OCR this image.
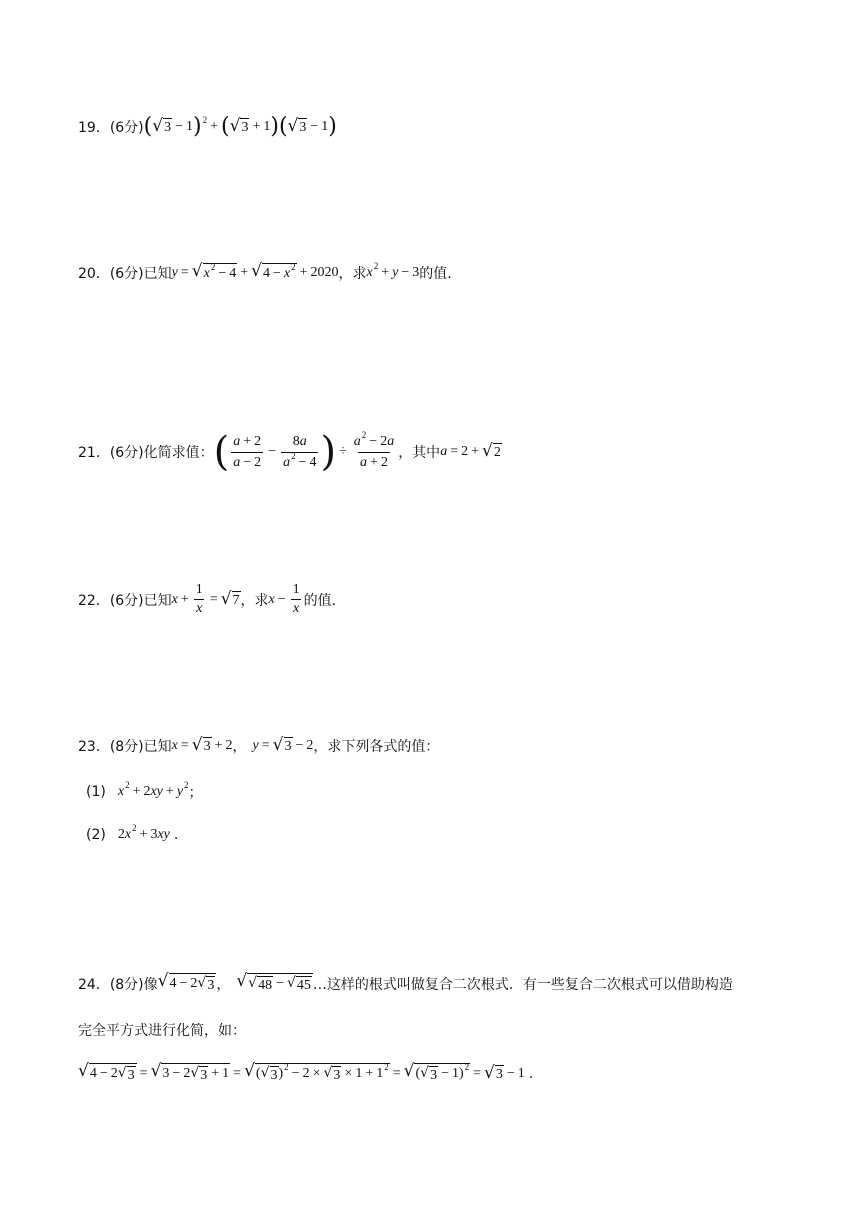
19．(6分) ( √ 3 − 1 ) 2 + ( √ 3 + 1 ) ( √ 3 − 1 )
20．(6分)已知 y = √ $x^2 - 4$ + √ $4 - x^2 + 2020$ ，求 x 2 + y − 3 的值.
21．(6分)化简求值： ( $\frac{a + 2}{a - 2} - \frac{8a}{a^2 - 4}$ ) ÷ $\frac{a^2 - 2a}{a + 2}$ ，其中 a = 2 + √ 2
22．(6分)已知 $x + \frac{1}{x}$ = √ 7 ，求 $x - \frac{1}{x}$ 的值.
23．(8分)已知 x = √ 3 + 2 ， y = √ 3 − 2 ，求下列各式的值：
(1) x 2 + 2 xy + y 2 ；
(2) 2 x 2 + 3 xy .
24．(8分)像 √ 4 − 2 √ 3 ， √ √ 48 − √ 45 …这样的根式叫做复合二次根式．有一些复合二次根式可以借助构造
完全平方式进行化简，如：
√ 4 − 2 √ 3 = √ 3 − 2 √ 3 + 1 = √ ( √ 3 )$^2$ − 2 × √ $3 \times 1 + 1^2$ = √ ( √ 3 − 1)$^2$ = √ 3 − 1 .
